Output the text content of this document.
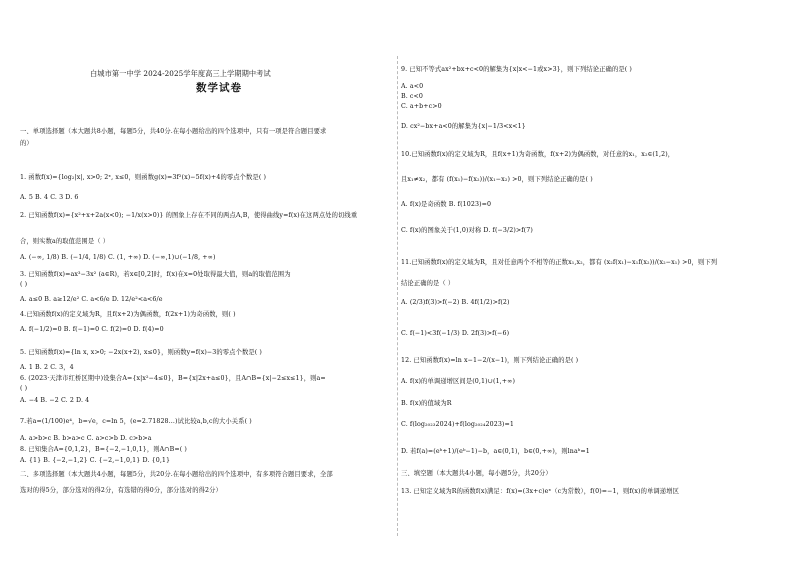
白城市第一中学 2024-2025学年度高三上学期期中考试
数学试卷
一、单项选择题（本大题共8小题，每题5分，共40分.在每小题给出的四个选项中，只有一项是符合题目要求
的）
1. 函数f(x)={log₂|x|, x>0; 2ˣ, x≤0，则函数g(x)=3f²(x)−5f(x)+4的零点个数是( )
A. 5 B. 4 C. 3 D. 6
2. 已知函数f(x)={x²+x+2a(x<0); −1/x(x>0)} 的图象上存在不同的两点A,B，使得曲线y=f(x)在这两点处的切线重
合，则实数a的取值范围是（ ）
A. (−∞, 1/8) B. (−1/4, 1/8) C. (1, +∞) D. (−∞,1)∪(−1/8, +∞)
3. 已知函数f(x)=ax³−3x² (a∈R)，若x∈[0,2]时，f(x)在x=0处取得最大值，则a的取值范围为
( )
A. a≤0 B. a≥12/e² C. a<6/e D. 12/e²<a<6/e
4.已知函数f(x)的定义域为R，且f(x+2)为偶函数，f(2x+1)为奇函数，则( )
A. f(−1/2)=0 B. f(−1)=0 C. f(2)=0 D. f(4)=0
5. 已知函数f(x)={ln x, x>0; −2x(x+2), x≤0}，则函数y=f(x)−3的零点个数是( )
A. 1 B. 2 C. 3，4
6. (2023·天津市红桥区期中)设集合A={x|x²−4≤0}，B={x|2x+a≤0}，且A∩B={x|−2≤x≤1}，则a=
( )
A. −4 B. −2 C. 2 D. 4
7.若a=(1/100)e⁴，b=√e，c=ln 5，(e=2.71828…)试比较a,b,c的大小关系( )
A. a>b>c B. b>a>c C. a>c>b D. c>b>a
8. 已知集合A={0,1,2}，B={−2,−1,0,1}，则A∩B=( )
A. {1} B. {−2,−1,2} C. {−2,−1,0,1} D. {0,1}
二、多项选择题（本大题共4小题，每题5分，共20分.在每小题给出的四个选项中，有多项符合题目要求，全部
选对的得5分，部分选对的得2分，有选错的得0分，部分选对的得2分）
9. 已知不等式ax²+bx+c<0的解集为{x|x<−1或x>3}，则下列结论正确的是( )
A. a<0
B. c<0
C. a+b+c>0
D. cx²−bx+a<0的解集为{x|−1/3<x<1}
10.已知函数f(x)的定义域为R，且f(x+1)为奇函数，f(x+2)为偶函数，对任意的x₁，x₂∈(1,2)，
且x₁≠x₂，都有 (f(x₁)−f(x₂))/(x₁−x₂) >0，则下列结论正确的是( )
A. f(x)是奇函数 B. f(1023)=0
C. f(x)的图象关于(1,0)对称 D. f(−3/2)>f(7)
11.已知函数f(x)的定义域为R，且对任意两个不相等的正数x₁,x₂，都有 (x₂f(x₁)−x₁f(x₂))/(x₂−x₁) >0，则下列
结论正确的是（ ）
A. (2/3)f(3)>f(−2) B. 4f(1/2)>f(2)
C. f(−1)<3f(−1/3) D. 2f(3)>f(−6)
12. 已知函数f(x)=ln x−1−2/(x−1)，则下列结论正确的是( )
A. f(x)的单调递增区间是(0,1)∪(1,+∞)
B. f(x)的值域为R
C. f(log₂₀₂₃2024)+f(log₂₀₂₄2023)=1
D. 若f(a)=(eᵇ+1)/(eᵇ−1)−b，a∈(0,1)，b∈(0,+∞)，则lnaᵇ=1
三、填空题（本大题共4小题，每小题5分，共20分）
13. 已知定义域为R的函数f(x)满足：f(x)=(3x+c)eˣ（c为常数），f(0)=−1，则f(x)的单调递增区
